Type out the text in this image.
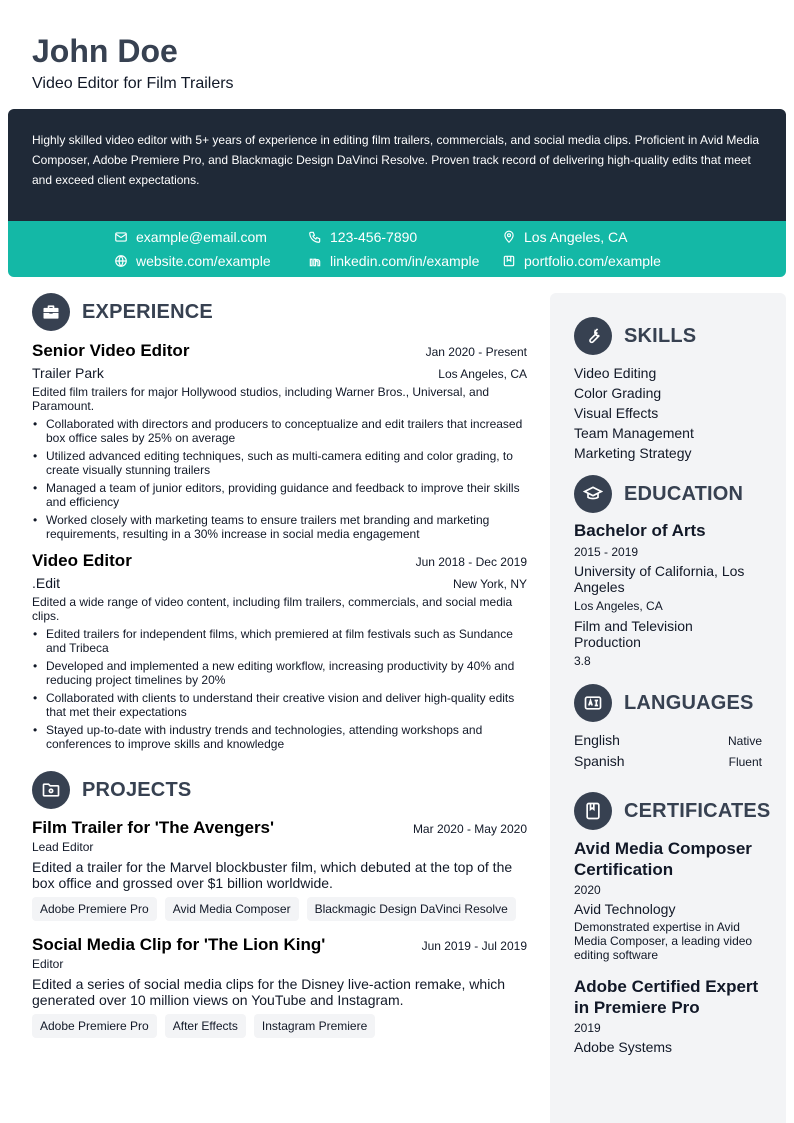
John Doe
Video Editor for Film Trailers
Highly skilled video editor with 5+ years of experience in editing film trailers, commercials, and social media clips. Proficient in Avid Media Composer, Adobe Premiere Pro, and Blackmagic Design DaVinci Resolve. Proven track record of delivering high-quality edits that meet and exceed client expectations.
example@email.com	123-456-7890	Los Angeles, CA
website.com/example	linkedin.com/in/example	portfolio.com/example
EXPERIENCE
Senior Video Editor	Jan 2020 - Present
Trailer Park	Los Angeles, CA
Edited film trailers for major Hollywood studios, including Warner Bros., Universal, and Paramount.
• Collaborated with directors and producers to conceptualize and edit trailers that increased box office sales by 25% on average
• Utilized advanced editing techniques, such as multi-camera editing and color grading, to create visually stunning trailers
• Managed a team of junior editors, providing guidance and feedback to improve their skills and efficiency
• Worked closely with marketing teams to ensure trailers met branding and marketing requirements, resulting in a 30% increase in social media engagement
Video Editor	Jun 2018 - Dec 2019
.Edit	New York, NY
Edited a wide range of video content, including film trailers, commercials, and social media clips.
• Edited trailers for independent films, which premiered at film festivals such as Sundance and Tribeca
• Developed and implemented a new editing workflow, increasing productivity by 40% and reducing project timelines by 20%
• Collaborated with clients to understand their creative vision and deliver high-quality edits that met their expectations
• Stayed up-to-date with industry trends and technologies, attending workshops and conferences to improve skills and knowledge
PROJECTS
Film Trailer for 'The Avengers'	Mar 2020 - May 2020
Lead Editor
Edited a trailer for the Marvel blockbuster film, which debuted at the top of the box office and grossed over $1 billion worldwide.
Adobe Premiere Pro	Avid Media Composer	Blackmagic Design DaVinci Resolve
Social Media Clip for 'The Lion King'	Jun 2019 - Jul 2019
Editor
Edited a series of social media clips for the Disney live-action remake, which generated over 10 million views on YouTube and Instagram.
Adobe Premiere Pro	After Effects	Instagram Premiere
SKILLS
Video Editing
Color Grading
Visual Effects
Team Management
Marketing Strategy
EDUCATION
Bachelor of Arts
2015 - 2019
University of California, Los Angeles
Los Angeles, CA
Film and Television Production
3.8
LANGUAGES
English	Native
Spanish	Fluent
CERTIFICATES
Avid Media Composer Certification
2020
Avid Technology
Demonstrated expertise in Avid Media Composer, a leading video editing software
Adobe Certified Expert in Premiere Pro
2019
Adobe Systems
